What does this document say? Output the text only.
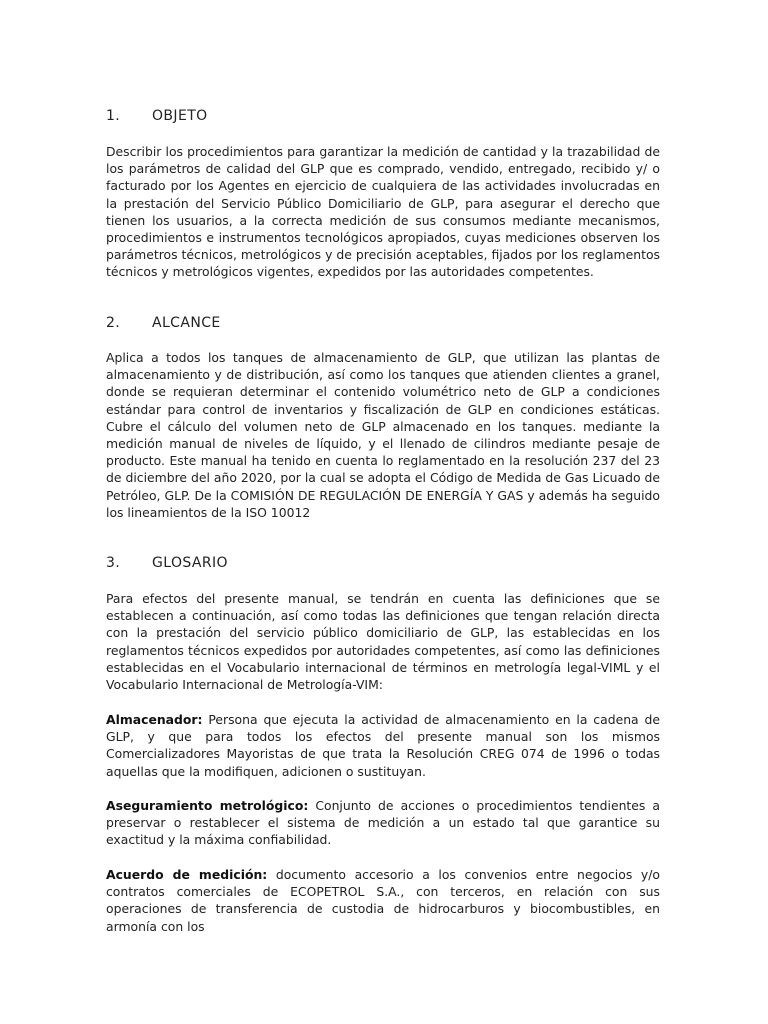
1. OBJETO
Describir los procedimientos para garantizar la medición de cantidad y la trazabilidad de los parámetros de calidad del GLP que es comprado, vendido, entregado, recibido y/ o facturado por los Agentes en ejercicio de cualquiera de las actividades involucradas en la prestación del Servicio Público Domiciliario de GLP, para asegurar el derecho que tienen los usuarios, a la correcta medición de sus consumos mediante mecanismos, procedimientos e instrumentos tecnológicos apropiados, cuyas mediciones observen los parámetros técnicos, metrológicos y de precisión aceptables, fijados por los reglamentos técnicos y metrológicos vigentes, expedidos por las autoridades competentes.
2. ALCANCE
Aplica a todos los tanques de almacenamiento de GLP, que utilizan las plantas de almacenamiento y de distribución, así como los tanques que atienden clientes a granel, donde se requieran determinar el contenido volumétrico neto de GLP a condiciones estándar para control de inventarios y fiscalización de GLP en condiciones estáticas. Cubre el cálculo del volumen neto de GLP almacenado en los tanques. mediante la medición manual de niveles de líquido, y el llenado de cilindros mediante pesaje de producto. Este manual ha tenido en cuenta lo reglamentado en la resolución 237 del 23 de diciembre del año 2020, por la cual se adopta el Código de Medida de Gas Licuado de Petróleo, GLP. De la COMISIÓN DE REGULACIÓN DE ENERGÍA Y GAS y además ha seguido los lineamientos de la ISO 10012
3. GLOSARIO
Para efectos del presente manual, se tendrán en cuenta las definiciones que se establecen a continuación, así como todas las definiciones que tengan relación directa con la prestación del servicio público domiciliario de GLP, las establecidas en los reglamentos técnicos expedidos por autoridades competentes, así como las definiciones establecidas en el Vocabulario internacional de términos en metrología legal-VIML y el Vocabulario Internacional de Metrología-VIM:
Almacenador: Persona que ejecuta la actividad de almacenamiento en la cadena de GLP, y que para todos los efectos del presente manual son los mismos Comercializadores Mayoristas de que trata la Resolución CREG 074 de 1996 o todas aquellas que la modifiquen, adicionen o sustituyan.
Aseguramiento metrológico: Conjunto de acciones o procedimientos tendientes a preservar o restablecer el sistema de medición a un estado tal que garantice su exactitud y la máxima confiabilidad.
Acuerdo de medición: documento accesorio a los convenios entre negocios y/o contratos comerciales de ECOPETROL S.A., con terceros, en relación con sus operaciones de transferencia de custodia de hidrocarburos y biocombustibles, en armonía con los
